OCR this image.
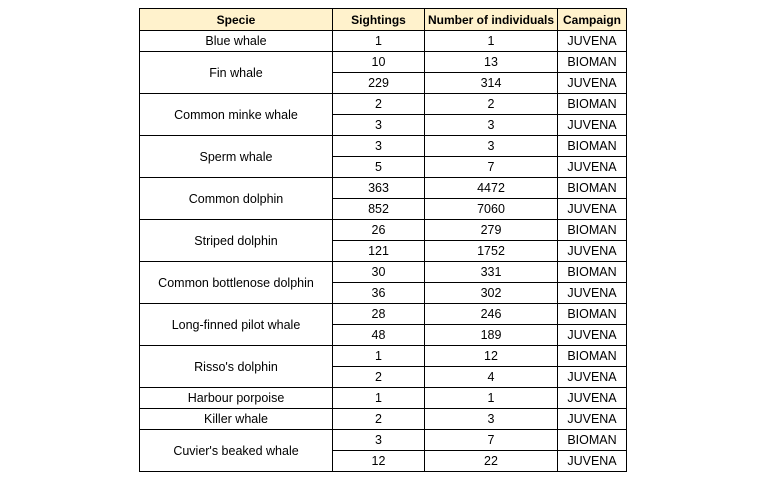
Specie	Sightings	Number of individuals	Campaign
Blue whale	1	1	JUVENA
Fin whale	10	13	BIOMAN
	229	314	JUVENA
Common minke whale	2	2	BIOMAN
	3	3	JUVENA
Sperm whale	3	3	BIOMAN
	5	7	JUVENA
Common dolphin	363	4472	BIOMAN
	852	7060	JUVENA
Striped dolphin	26	279	BIOMAN
	121	1752	JUVENA
Common bottlenose dolphin	30	331	BIOMAN
	36	302	JUVENA
Long-finned pilot whale	28	246	BIOMAN
	48	189	JUVENA
Risso's dolphin	1	12	BIOMAN
	2	4	JUVENA
Harbour porpoise	1	1	JUVENA
Killer whale	2	3	JUVENA
Cuvier's beaked whale	3	7	BIOMAN
	12	22	JUVENA
